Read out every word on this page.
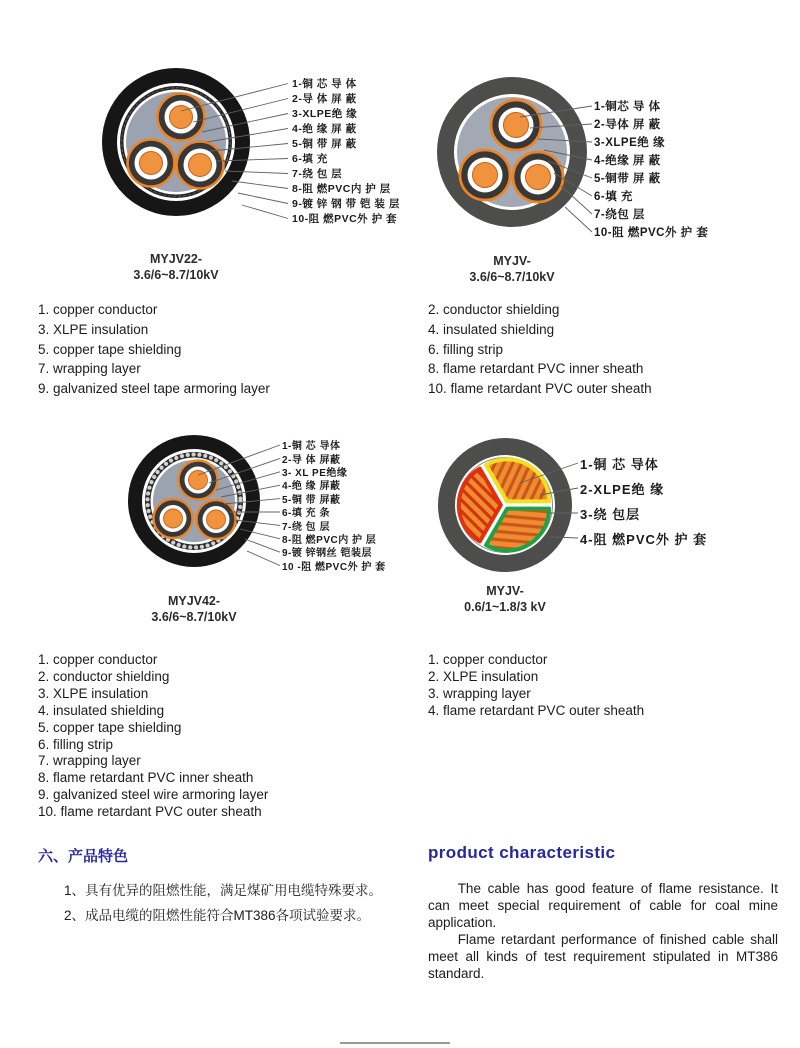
1-铜 芯 导 体
2-导 体 屏 蔽
3-XLPE绝 缘
4-绝 缘 屏 蔽
5-铜 带 屏 蔽
6-填 充
7-绕 包 层
8-阻 燃PVC内 护 层
9-镀 锌 钢 带 铠 装 层
10-阻 燃PVC外 护 套
MYJV22-
3.6/6~8.7/10kV
1-铜芯 导 体
2-导体 屏 蔽
3-XLPE绝 缘
4-绝缘 屏 蔽
5-铜带 屏 蔽
6-填 充
7-绕包 层
10-阻 燃PVC外 护 套
MYJV-
3.6/6~8.7/10kV
1. copper conductor
3. XLPE insulation
5. copper tape shielding
7. wrapping layer
9. galvanized steel tape armoring layer
2. conductor shielding
4. insulated shielding
6. filling strip
8. flame retardant PVC inner sheath
10. flame retardant PVC outer sheath
1-铜 芯 导体
2-导 体 屏蔽
3- XL PE绝缘
4-绝 缘 屏蔽
5-铜 带 屏蔽
6-填 充 条
7-绕 包 层
8-阻 燃PVC内 护 层
9-镀 锌钢丝 铠装层
10 -阻 燃PVC外 护 套
MYJV42-
3.6/6~8.7/10kV
1-铜 芯 导体
2-XLPE绝 缘
3-绕 包层
4-阻 燃PVC外 护 套
MYJV-
0.6/1~1.8/3 kV
1. copper conductor
2. conductor shielding
3. XLPE insulation
4. insulated shielding
5. copper tape shielding
6. filling strip
7. wrapping layer
8. flame retardant PVC inner sheath
9. galvanized steel wire armoring layer
10. flame retardant PVC outer sheath
1. copper conductor
2. XLPE insulation
3. wrapping layer
4. flame retardant PVC outer sheath
六、产品特色
1、具有优异的阻燃性能，满足煤矿用电缆特殊要求。
2、成品电缆的阻燃性能符合MT386各项试验要求。
product characteristic

The cable has good feature of flame resistance. It can meet special requirement of cable for coal mine application.

Flame retardant performance of finished cable shall meet all kinds of test requirement stipulated in MT386 standard.
